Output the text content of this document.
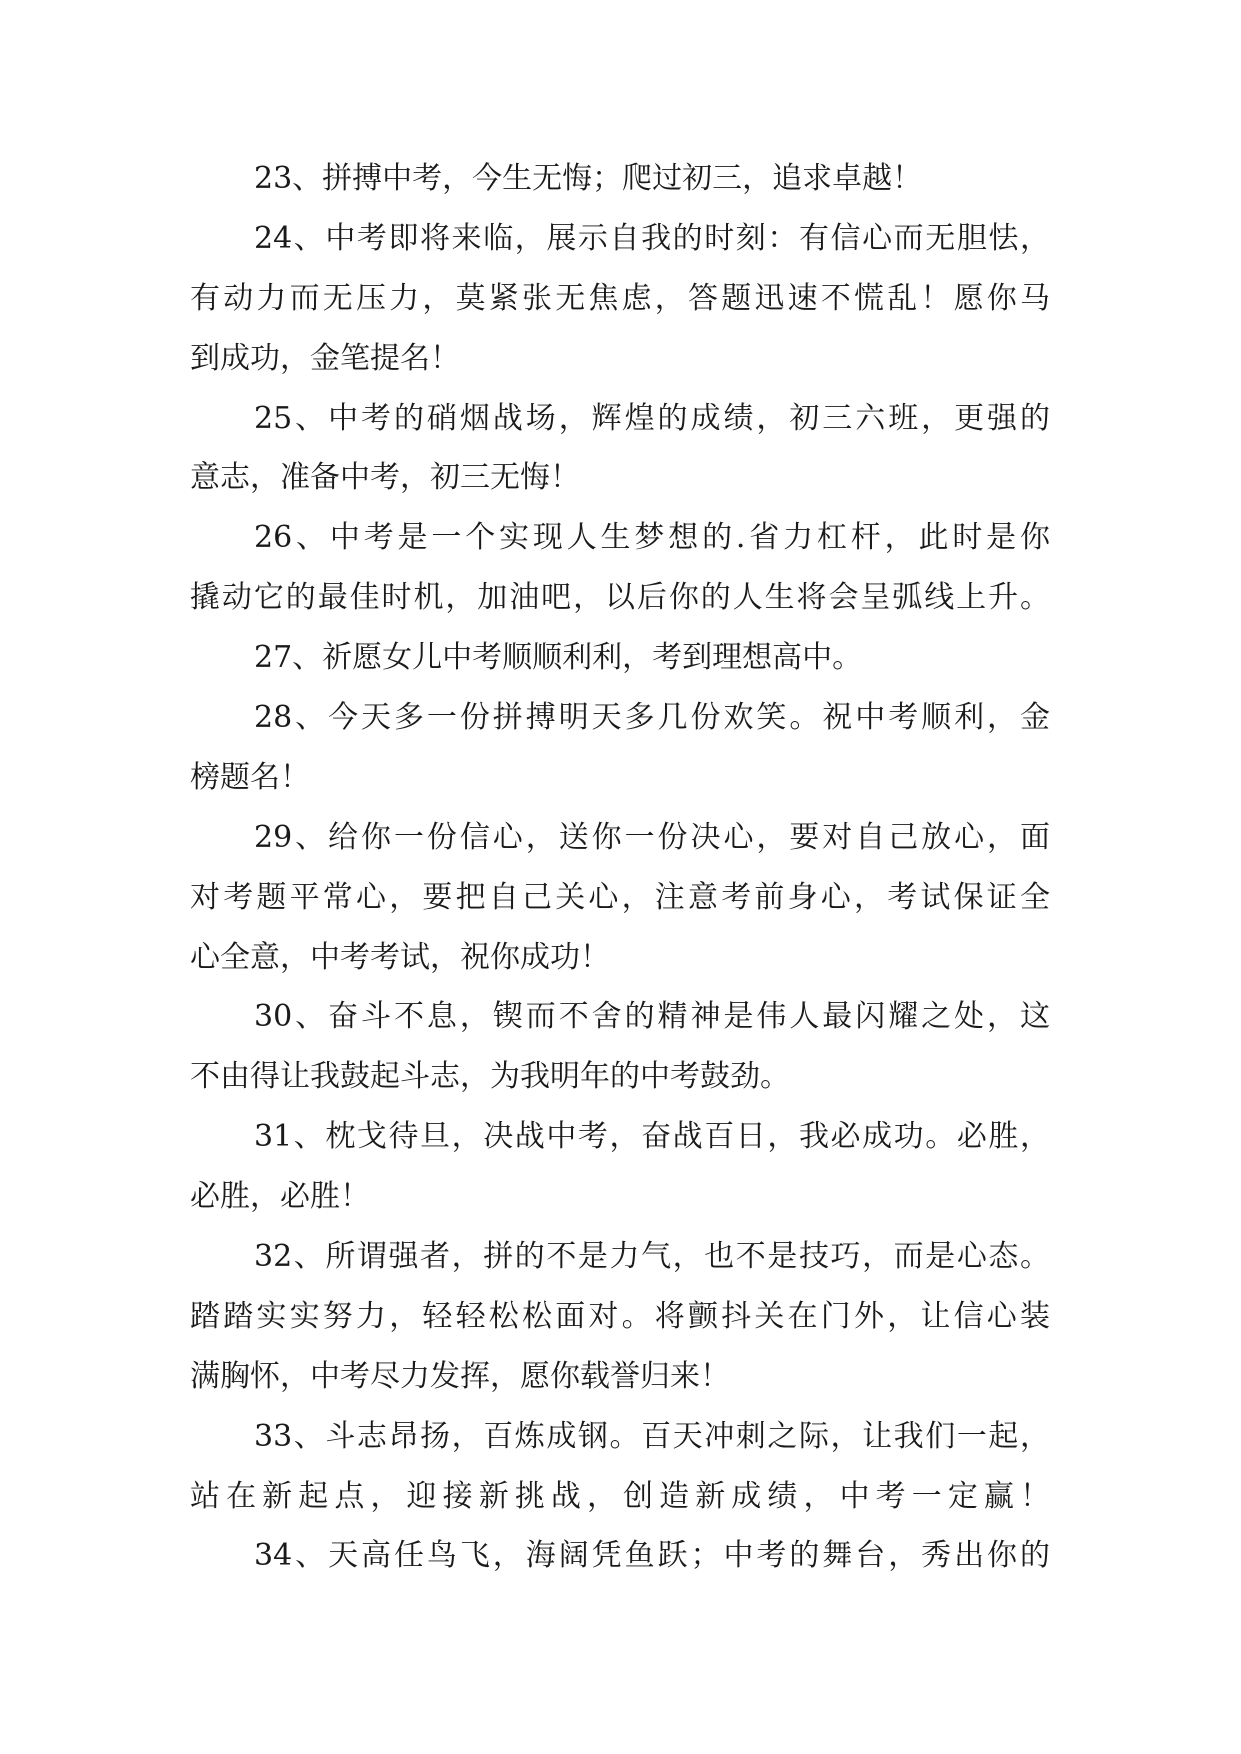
23、拼搏中考，今生无悔；爬过初三，追求卓越！
24、中考即将来临，展示自我的时刻：有信心而无胆怯，
有动力而无压力，莫紧张无焦虑，答题迅速不慌乱！愿你马
到成功，金笔提名！
25、中考的硝烟战场，辉煌的成绩，初三六班，更强的
意志，准备中考，初三无悔！
26、中考是一个实现人生梦想的.省力杠杆，此时是你
撬动它的最佳时机，加油吧，以后你的人生将会呈弧线上升。
27、祈愿女儿中考顺顺利利，考到理想高中。
28、今天多一份拼搏明天多几份欢笑。祝中考顺利，金
榜题名！
29、给你一份信心，送你一份决心，要对自己放心，面
对考题平常心，要把自己关心，注意考前身心，考试保证全
心全意，中考考试，祝你成功！
30、奋斗不息，锲而不舍的精神是伟人最闪耀之处，这
不由得让我鼓起斗志，为我明年的中考鼓劲。
31、枕戈待旦，决战中考，奋战百日，我必成功。必胜，
必胜，必胜！
32、所谓强者，拼的不是力气，也不是技巧，而是心态。
踏踏实实努力，轻轻松松面对。将颤抖关在门外，让信心装
满胸怀，中考尽力发挥，愿你载誉归来！
33、斗志昂扬，百炼成钢。百天冲刺之际，让我们一起，
站在新起点，迎接新挑战，创造新成绩，中考一定赢！
34、天高任鸟飞，海阔凭鱼跃；中考的舞台，秀出你的
